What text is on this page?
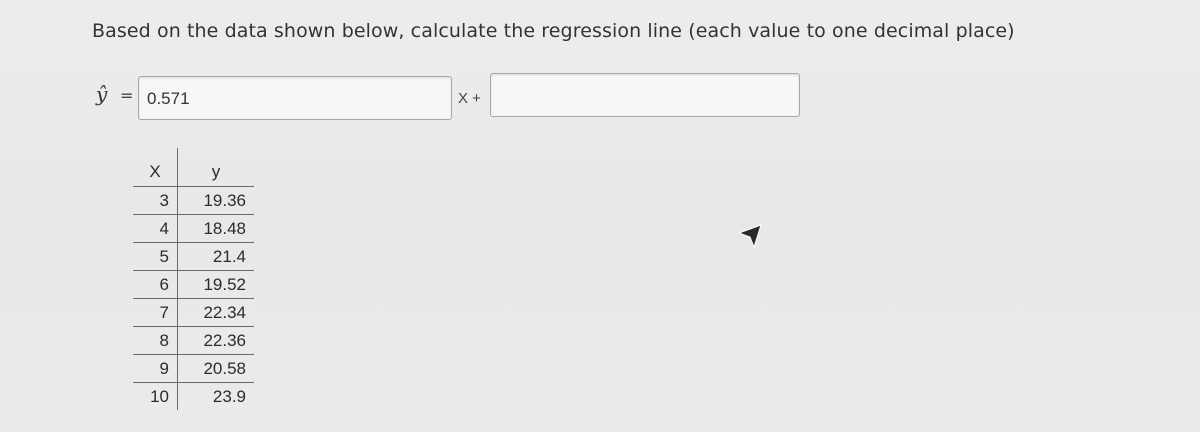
Based on the data shown below, calculate the regression line (each value to one decimal place)
ŷ = 0.571	X +
X	y
3	19.36
4	18.48
5	21.4
6	19.52
7	22.34
8	22.36
9	20.58
10	23.9
